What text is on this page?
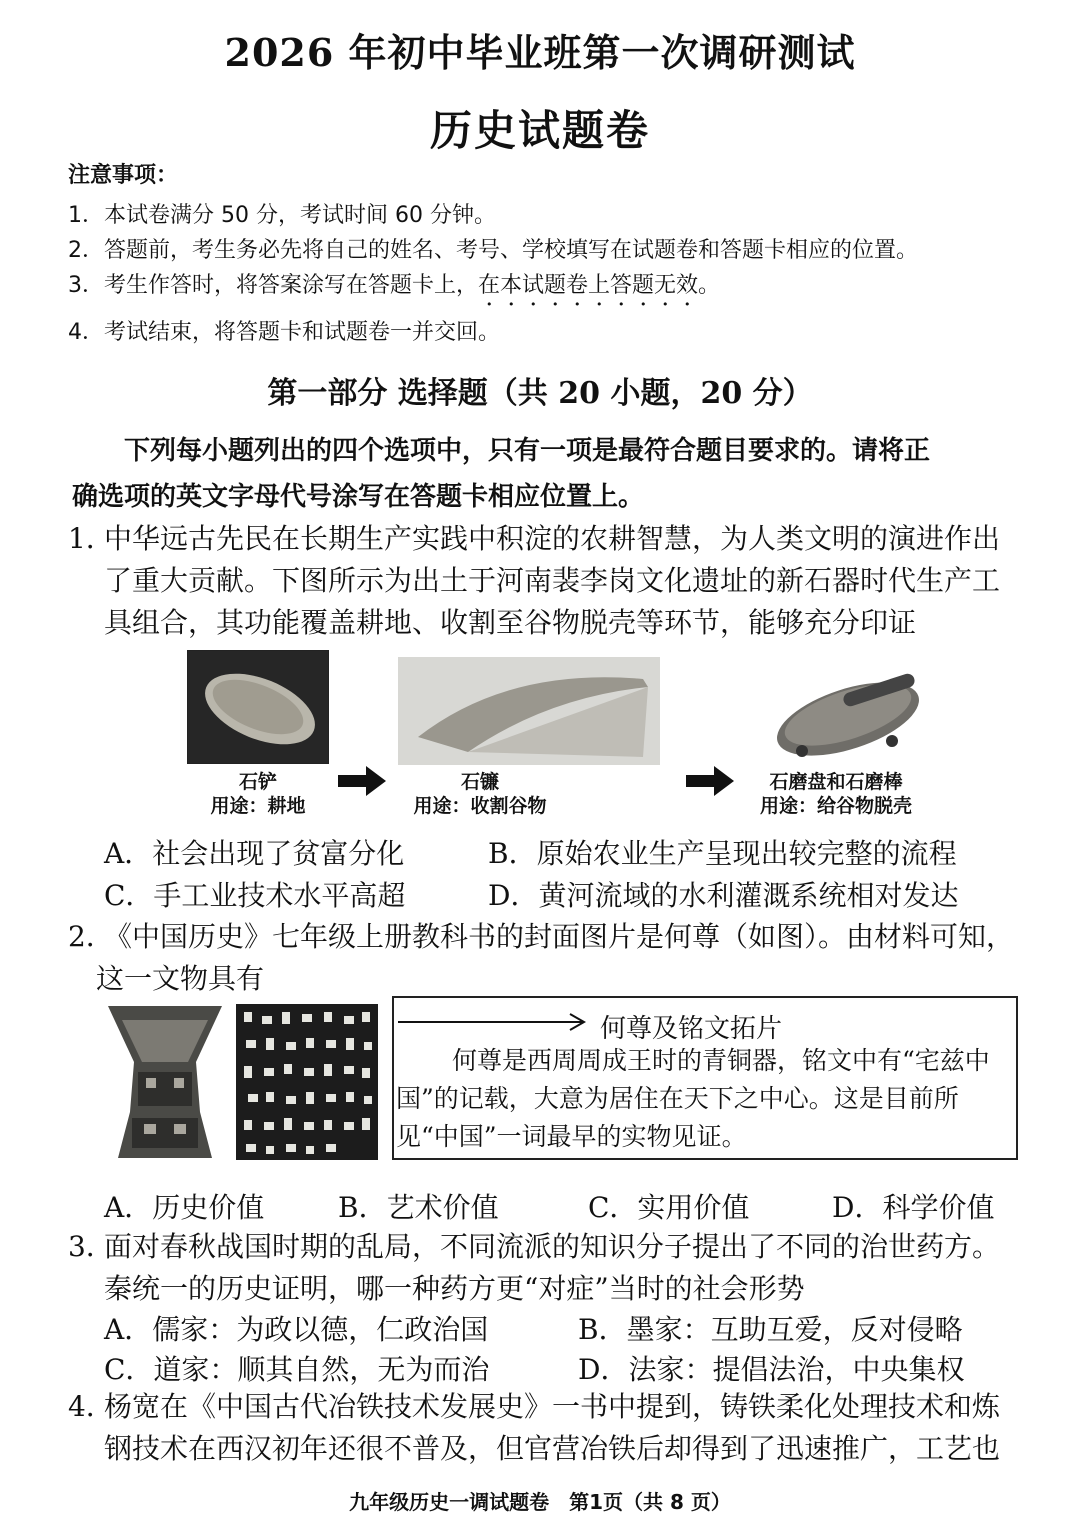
2026 年初中毕业班第一次调研测试
历史试题卷
注意事项：
1．本试卷满分 50 分，考试时间 60 分钟。
2．答题前，考生务必先将自己的姓名、考号、学校填写在试题卷和答题卡相应的位置。
3．考生作答时，将答案涂写在答题卡上，在本试题卷上答题无效。
4．考试结束，将答题卡和试题卷一并交回。
第一部分 选择题（共 20 小题，20 分）
下列每小题列出的四个选项中，只有一项是最符合题目要求的。请将正
确选项的英文字母代号涂写在答题卡相应位置上。
1．中华远古先民在长期生产实践中积淀的农耕智慧，为人类文明的演进作出
了重大贡献。下图所示为出土于河南裴李岗文化遗址的新石器时代生产工
具组合，其功能覆盖耕地、收割至谷物脱壳等环节，能够充分印证
石铲
用途：耕地
石镰
用途：收割谷物
石磨盘和石磨棒
用途：给谷物脱壳
A．社会出现了贫富分化	B．原始农业生产呈现出较完整的流程
C．手工业技术水平高超	D．黄河流域的水利灌溉系统相对发达
2．《中国历史》七年级上册教科书的封面图片是何尊（如图）。由材料可知，
这一文物具有
何尊及铭文拓片
何尊是西周周成王时的青铜器，铭文中有“宅兹中国”的记载，大意为居住在天下之中心。这是目前所见“中国”一词最早的实物见证。
A．历史价值	B．艺术价值	C．实用价值	D．科学价值
3．面对春秋战国时期的乱局，不同流派的知识分子提出了不同的治世药方。
秦统一的历史证明，哪一种药方更“对症”当时的社会形势
A．儒家：为政以德，仁政治国	B．墨家：互助互爱，反对侵略
C．道家：顺其自然，无为而治	D．法家：提倡法治，中央集权
4．杨宽在《中国古代冶铁技术发展史》一书中提到，铸铁柔化处理技术和炼
钢技术在西汉初年还很不普及，但官营冶铁后却得到了迅速推广，工艺也
九年级历史一调试题卷　第1页（共 8 页）
